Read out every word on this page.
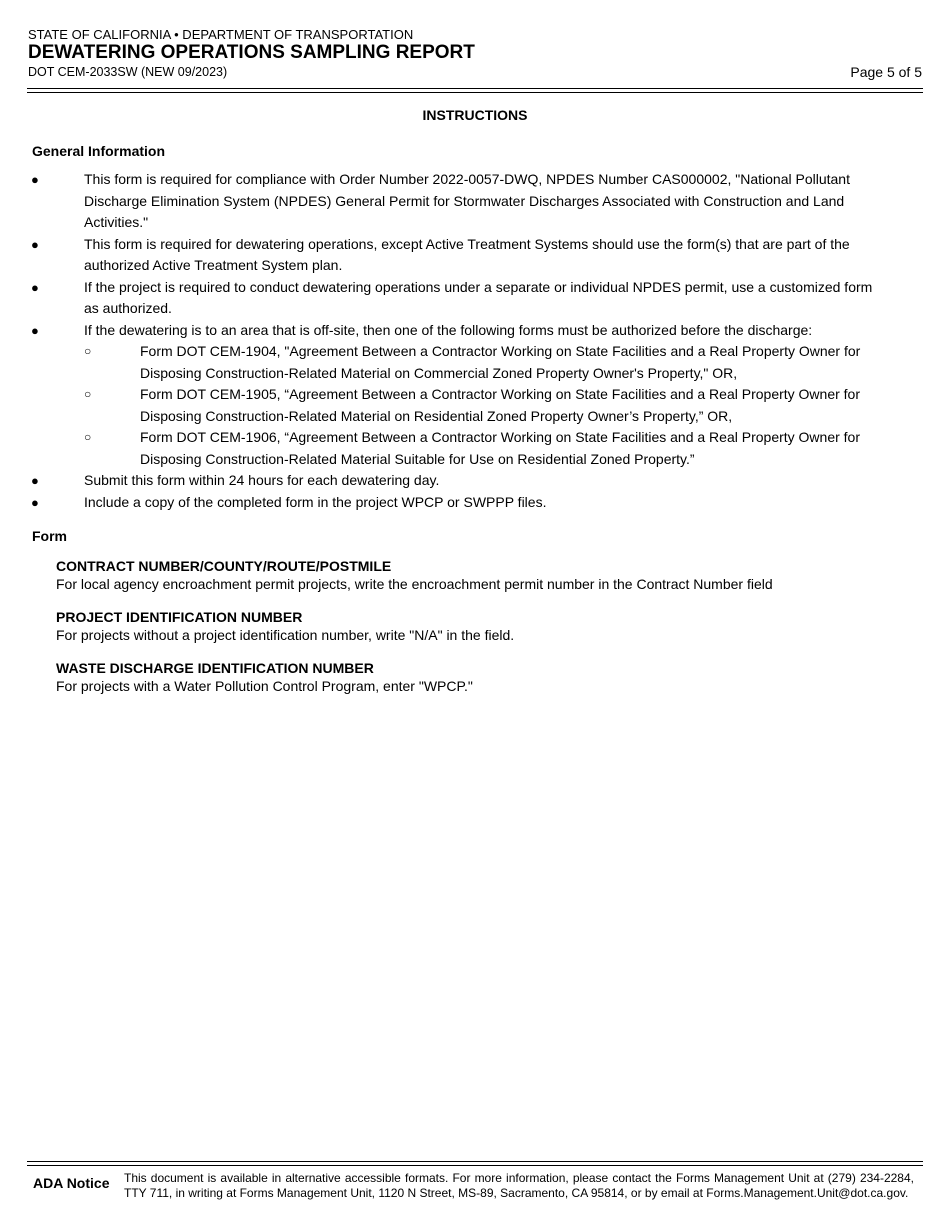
STATE OF CALIFORNIA • DEPARTMENT OF TRANSPORTATION
DEWATERING OPERATIONS SAMPLING REPORT
DOT CEM-2033SW (NEW 09/2023)	Page 5 of 5
INSTRUCTIONS
General Information
●	This form is required for compliance with Order Number 2022-0057-DWQ, NPDES Number CAS000002, "National Pollutant Discharge Elimination System (NPDES) General Permit for Stormwater Discharges Associated with Construction and Land Activities."
●	This form is required for dewatering operations, except Active Treatment Systems should use the form(s) that are part of the authorized Active Treatment System plan.
●	If the project is required to conduct dewatering operations under a separate or individual NPDES permit, use a customized form as authorized.
●	If the dewatering is to an area that is off-site, then one of the following forms must be authorized before the discharge:
○	Form DOT CEM-1904, "Agreement Between a Contractor Working on State Facilities and a Real Property Owner for Disposing Construction-Related Material on Commercial Zoned Property Owner's Property," OR,
○	Form DOT CEM-1905, “Agreement Between a Contractor Working on State Facilities and a Real Property Owner for Disposing Construction-Related Material on Residential Zoned Property Owner’s Property,” OR,
○	Form DOT CEM-1906, “Agreement Between a Contractor Working on State Facilities and a Real Property Owner for Disposing Construction-Related Material Suitable for Use on Residential Zoned Property.”
●	Submit this form within 24 hours for each dewatering day.
●	Include a copy of the completed form in the project WPCP or SWPPP files.
Form
CONTRACT NUMBER/COUNTY/ROUTE/POSTMILE
For local agency encroachment permit projects, write the encroachment permit number in the Contract Number field
PROJECT IDENTIFICATION NUMBER
For projects without a project identification number, write "N/A" in the field.
WASTE DISCHARGE IDENTIFICATION NUMBER
For projects with a Water Pollution Control Program, enter "WPCP."
ADA Notice This document is available in alternative accessible formats. For more information, please contact the Forms Management Unit at (279) 234-2284, TTY 711, in writing at Forms Management Unit, 1120 N Street, MS-89, Sacramento, CA 95814, or by email at Forms.Management.Unit@dot.ca.gov.
